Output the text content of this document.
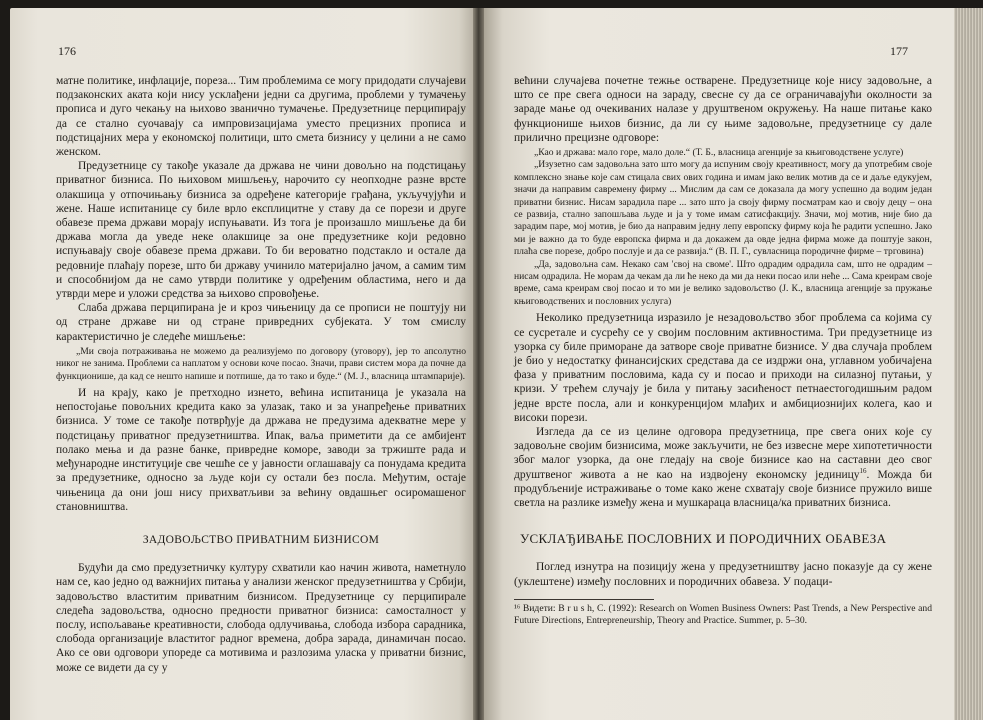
176

матне политике, инфлације, пореза... Тим проблемима се могу придодати случајеви подзаконских аката који нису усклађени једни са другима, проблеми у тумачењу прописа и дуго чекању на њихово званично тумачење. Предузетнице перципирају да се стално суочавају са импровизацијама уместо прецизних прописа и подстицајних мера у економској политици, што смета бизнису у целини а не само женском.

Предузетнице су такође указале да држава не чини довољно на подстицању приватног бизниса. По њиховом мишљењу, нарочито су неопходне разне врсте олакшица у отпочињању бизниса за одређене категорије грађана, укључујући и жене. Наше испитанице су биле врло експлицитне у ставу да се порези и друге обавезе према држави морају испуњавати. Из тога је произашло мишљење да би држава могла да уведе неке олакшице за оне предузетнике који редовно испуњавају своје обавезе према држави. То би вероватно подстакло и остале да редовније плаћају порезе, што би државу учинило материјално јачом, а самим тим и способнијом да не само утврди политике у одређеним областима, него и да утврди мере и уложи средства за њихово спровођење.

Слаба држава перципирана је и кроз чињеницу да се прописи не поштују ни од стране државе ни од стране привредних субјеката. У том смислу карактеристично је следеће мишљење:

„Ми своја потраживања не можемо да реализујемо по договору (уговору), јер то апсолутно никог не занима. Проблеми са наплатом у основи коче посао. Значи, прави систем мора да почне да функционише, да кад се нешто напише и потпише, да то тако и буде.“ (М. Ј., власница штампарије).

И на крају, како је претходно изнето, већина испитаница је указала на непостојање повољних кредита како за улазак, тако и за унапређење приватних бизниса. У томе се такође потврђује да држава не предузима адекватне мере у подстицању приватног предузетништва. Ипак, ваља приметити да се амбијент полако мења и да разне банке, привредне коморе, заводи за тржиште рада и међународне институције све чешће се у јавности оглашавају са понудама кредита за предузетнике, односно за људе који су остали без посла. Међутим, остаје чињеница да они још нису прихватљиви за већину овдашњег осиромашеног становништва.

ЗАДОВОЉСТВО ПРИВАТНИМ БИЗНИСОМ

Будући да смо предузетничку културу схватили као начин живота, наметнуло нам се, као једно од важнијих питања у анализи женског предузетништва у Србији, задовољство властитим приватним бизнисом. Предузетнице су перципирале следећа задовољства, односно предности приватног бизниса: самосталност у послу, испољавање креативности, слобода одлучивања, слобода избора сарадника, слобода организације властитог радног времена, добра зарада, динамичан посао. Ако се ови одговори упореде са мотивима и разлозима уласка у приватни бизнис, може се видети да су у

177

већини случајева почетне тежње остварене. Предузетнице које нису задовољне, а што се пре свега односи на зараду, свесне су да се ограничавајући околности за зараде мање од очекиваних налазе у друштвеном окружењу. На наше питање како функционише њихов бизнис, да ли су њиме задовољне, предузетнице су дале прилично прецизне одговоре:

„Као и држава: мало горе, мало доле.“ (Т. Б., власница агенције за књиговодствене услуге)

„Изузетно сам задовољна зато што могу да испуним своју креативност, могу да употребим своје комплексно знање које сам стицала свих ових година и имам јако велик мотив да се и даље едукујем, значи да направим савремену фирму ... Мислим да сам се доказала да могу успешно да водим један приватни бизнис. Нисам зарадила паре ... зато што ја своју фирму посматрам као и своју децу – она се развија, стално запошљава људе и ја у томе имам сатисфакцију. Значи, мој мотив, није био да зарадим паре, мој мотив, је био да направим једну лепу европску фирму која ће радити успешно. Јако ми је важно да то буде европска фирма и да докажем да овде једна фирма може да поштује закон, плаћа све порезе, добро послује и да се развија.“ (В. П. Г., сувласница породичне фирме – трговина)

„Да, задовољна сам. Некако сам 'свој на своме'. Што одрадим одрадила сам, што не одрадим – нисам одрадила. Не морам да чекам да ли ће неко да ми да неки посао или неће ... Сама креирам своје време, сама креирам свој посао и то ми је велико задовољство (Ј. К., власница агенције за пружање књиговодствених и пословних услуга)

Неколико предузетница изразило је незадовољство због проблема са којима су се сусретале и сусрећу се у својим пословним активностима. Три предузетнице из узорка су биле приморане да затворе своје приватне бизнисе. У два случаја проблем је био у недостатку финансијских средстава да се издржи она, углавном уобичајена фаза у приватним пословима, када су и посао и приходи на силазној путањи, у кризи. У трећем случају је била у питању засићеност петнаестогодишњим радом једне врсте посла, али и конкуренцијом млађих и амбициознијих колега, као и високи порези.

Изгледа да се из целине одговора предузетница, пре свега оних које су задовољне својим бизнисима, може закључити, не без извесне мере хипотетичности због малог узорка, да оне гледају на своје бизнисе као на саставни део свог друштвеног живота а не као на издвојену економску јединицу$^{16}$. Можда би продубљеније истраживање о томе како жене схватају своје бизнисе пружило више светла на разлике између жена и мушкараца власница/ка приватних бизниса.

УСКЛАЂИВАЊЕ ПОСЛОВНИХ И ПОРОДИЧНИХ ОБАВЕЗА

Поглед изнутра на позицију жена у предузетништву јасно показује да су жене (уклештене) између пословних и породичних обавеза. У подаци-

¹⁶ Видети: B r u s h, C. (1992): Research on Women Business Owners: Past Trends, a New Perspective and Future Directions, Entrepreneurship, Theory and Practice. Summer, p. 5–30.
